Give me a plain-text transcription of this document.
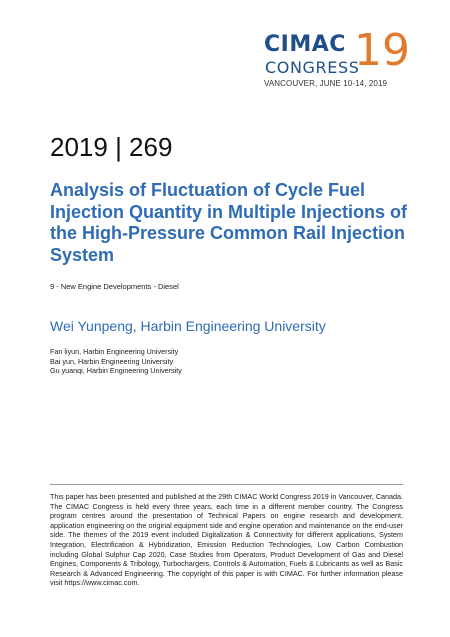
CIMAC
CONGRESS
19
VANCOUVER, JUNE 10-14, 2019
2019 | 269
Analysis of Fluctuation of Cycle Fuel Injection Quantity in Multiple Injections of the High-Pressure Common Rail Injection System
9 - New Engine Developments - Diesel
Wei Yunpeng, Harbin Engineering University
Fan liyun, Harbin Engineering University
Bai yun, Harbin Engineering University
Gu yuanqi, Harbin Engineering University

This paper has been presented and published at the 29th CIMAC World Congress 2019 in Vancouver, Canada. The CIMAC Congress is held every three years, each time in a different member country. The Congress program centres around the presentation of Technical Papers on engine research and development, application engineering on the original equipment side and engine operation and maintenance on the end-user side. The themes of the 2019 event included Digitalization & Connectivity for different applications, System Integration, Electrification & Hybridization, Emission Reduction Technologies, Low Carbon Combustion including Global Sulphur Cap 2020, Case Studies from Operators, Product Development of Gas and Diesel Engines, Components & Tribology, Turbochargers, Controls & Automation, Fuels & Lubricants as well as Basic Research & Advanced Engineering. The copyright of this paper is with CIMAC. For further information please visit https://www.cimac.com.
